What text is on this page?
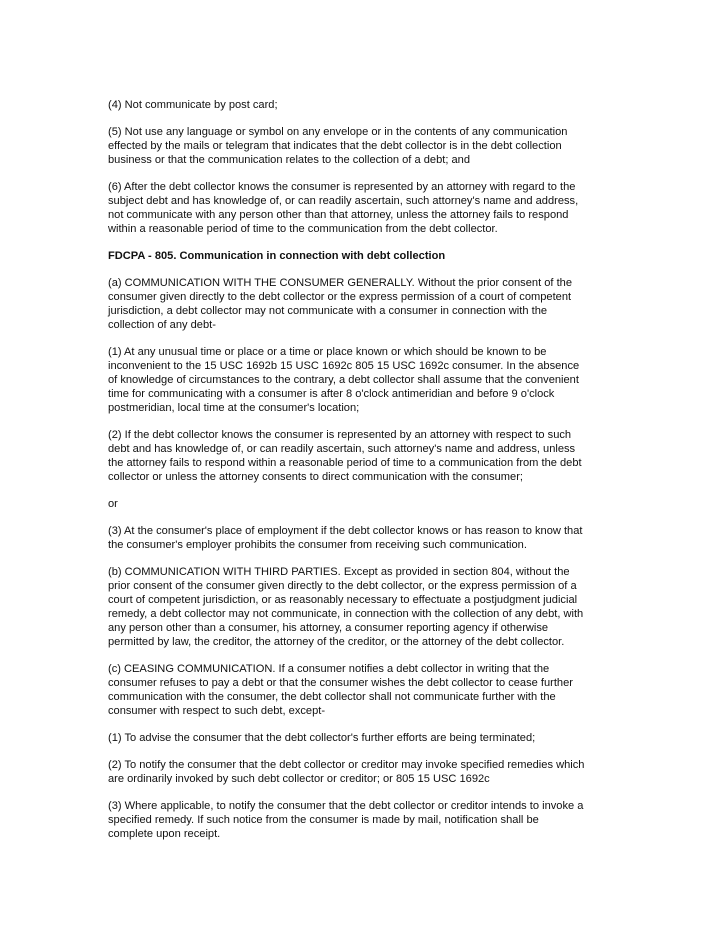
(4) Not communicate by post card;

(5) Not use any language or symbol on any envelope or in the contents of any communication
effected by the mails or telegram that indicates that the debt collector is in the debt collection
business or that the communication relates to the collection of a debt; and

(6) After the debt collector knows the consumer is represented by an attorney with regard to the
subject debt and has knowledge of, or can readily ascertain, such attorney's name and address,
not communicate with any person other than that attorney, unless the attorney fails to respond
within a reasonable period of time to the communication from the debt collector.

FDCPA - 805. Communication in connection with debt collection

(a) COMMUNICATION WITH THE CONSUMER GENERALLY. Without the prior consent of the
consumer given directly to the debt collector or the express permission of a court of competent
jurisdiction, a debt collector may not communicate with a consumer in connection with the
collection of any debt-

(1) At any unusual time or place or a time or place known or which should be known to be
inconvenient to the 15 USC 1692b 15 USC 1692c 805 15 USC 1692c consumer. In the absence
of knowledge of circumstances to the contrary, a debt collector shall assume that the convenient
time for communicating with a consumer is after 8 o'clock antimeridian and before 9 o'clock
postmeridian, local time at the consumer's location;

(2) If the debt collector knows the consumer is represented by an attorney with respect to such
debt and has knowledge of, or can readily ascertain, such attorney's name and address, unless
the attorney fails to respond within a reasonable period of time to a communication from the debt
collector or unless the attorney consents to direct communication with the consumer;

or

(3) At the consumer's place of employment if the debt collector knows or has reason to know that
the consumer's employer prohibits the consumer from receiving such communication.

(b) COMMUNICATION WITH THIRD PARTIES. Except as provided in section 804, without the
prior consent of the consumer given directly to the debt collector, or the express permission of a
court of competent jurisdiction, or as reasonably necessary to effectuate a postjudgment judicial
remedy, a debt collector may not communicate, in connection with the collection of any debt, with
any person other than a consumer, his attorney, a consumer reporting agency if otherwise
permitted by law, the creditor, the attorney of the creditor, or the attorney of the debt collector.

(c) CEASING COMMUNICATION. If a consumer notifies a debt collector in writing that the
consumer refuses to pay a debt or that the consumer wishes the debt collector to cease further
communication with the consumer, the debt collector shall not communicate further with the
consumer with respect to such debt, except-

(1) To advise the consumer that the debt collector's further efforts are being terminated;

(2) To notify the consumer that the debt collector or creditor may invoke specified remedies which
are ordinarily invoked by such debt collector or creditor; or 805 15 USC 1692c

(3) Where applicable, to notify the consumer that the debt collector or creditor intends to invoke a
specified remedy. If such notice from the consumer is made by mail, notification shall be
complete upon receipt.
